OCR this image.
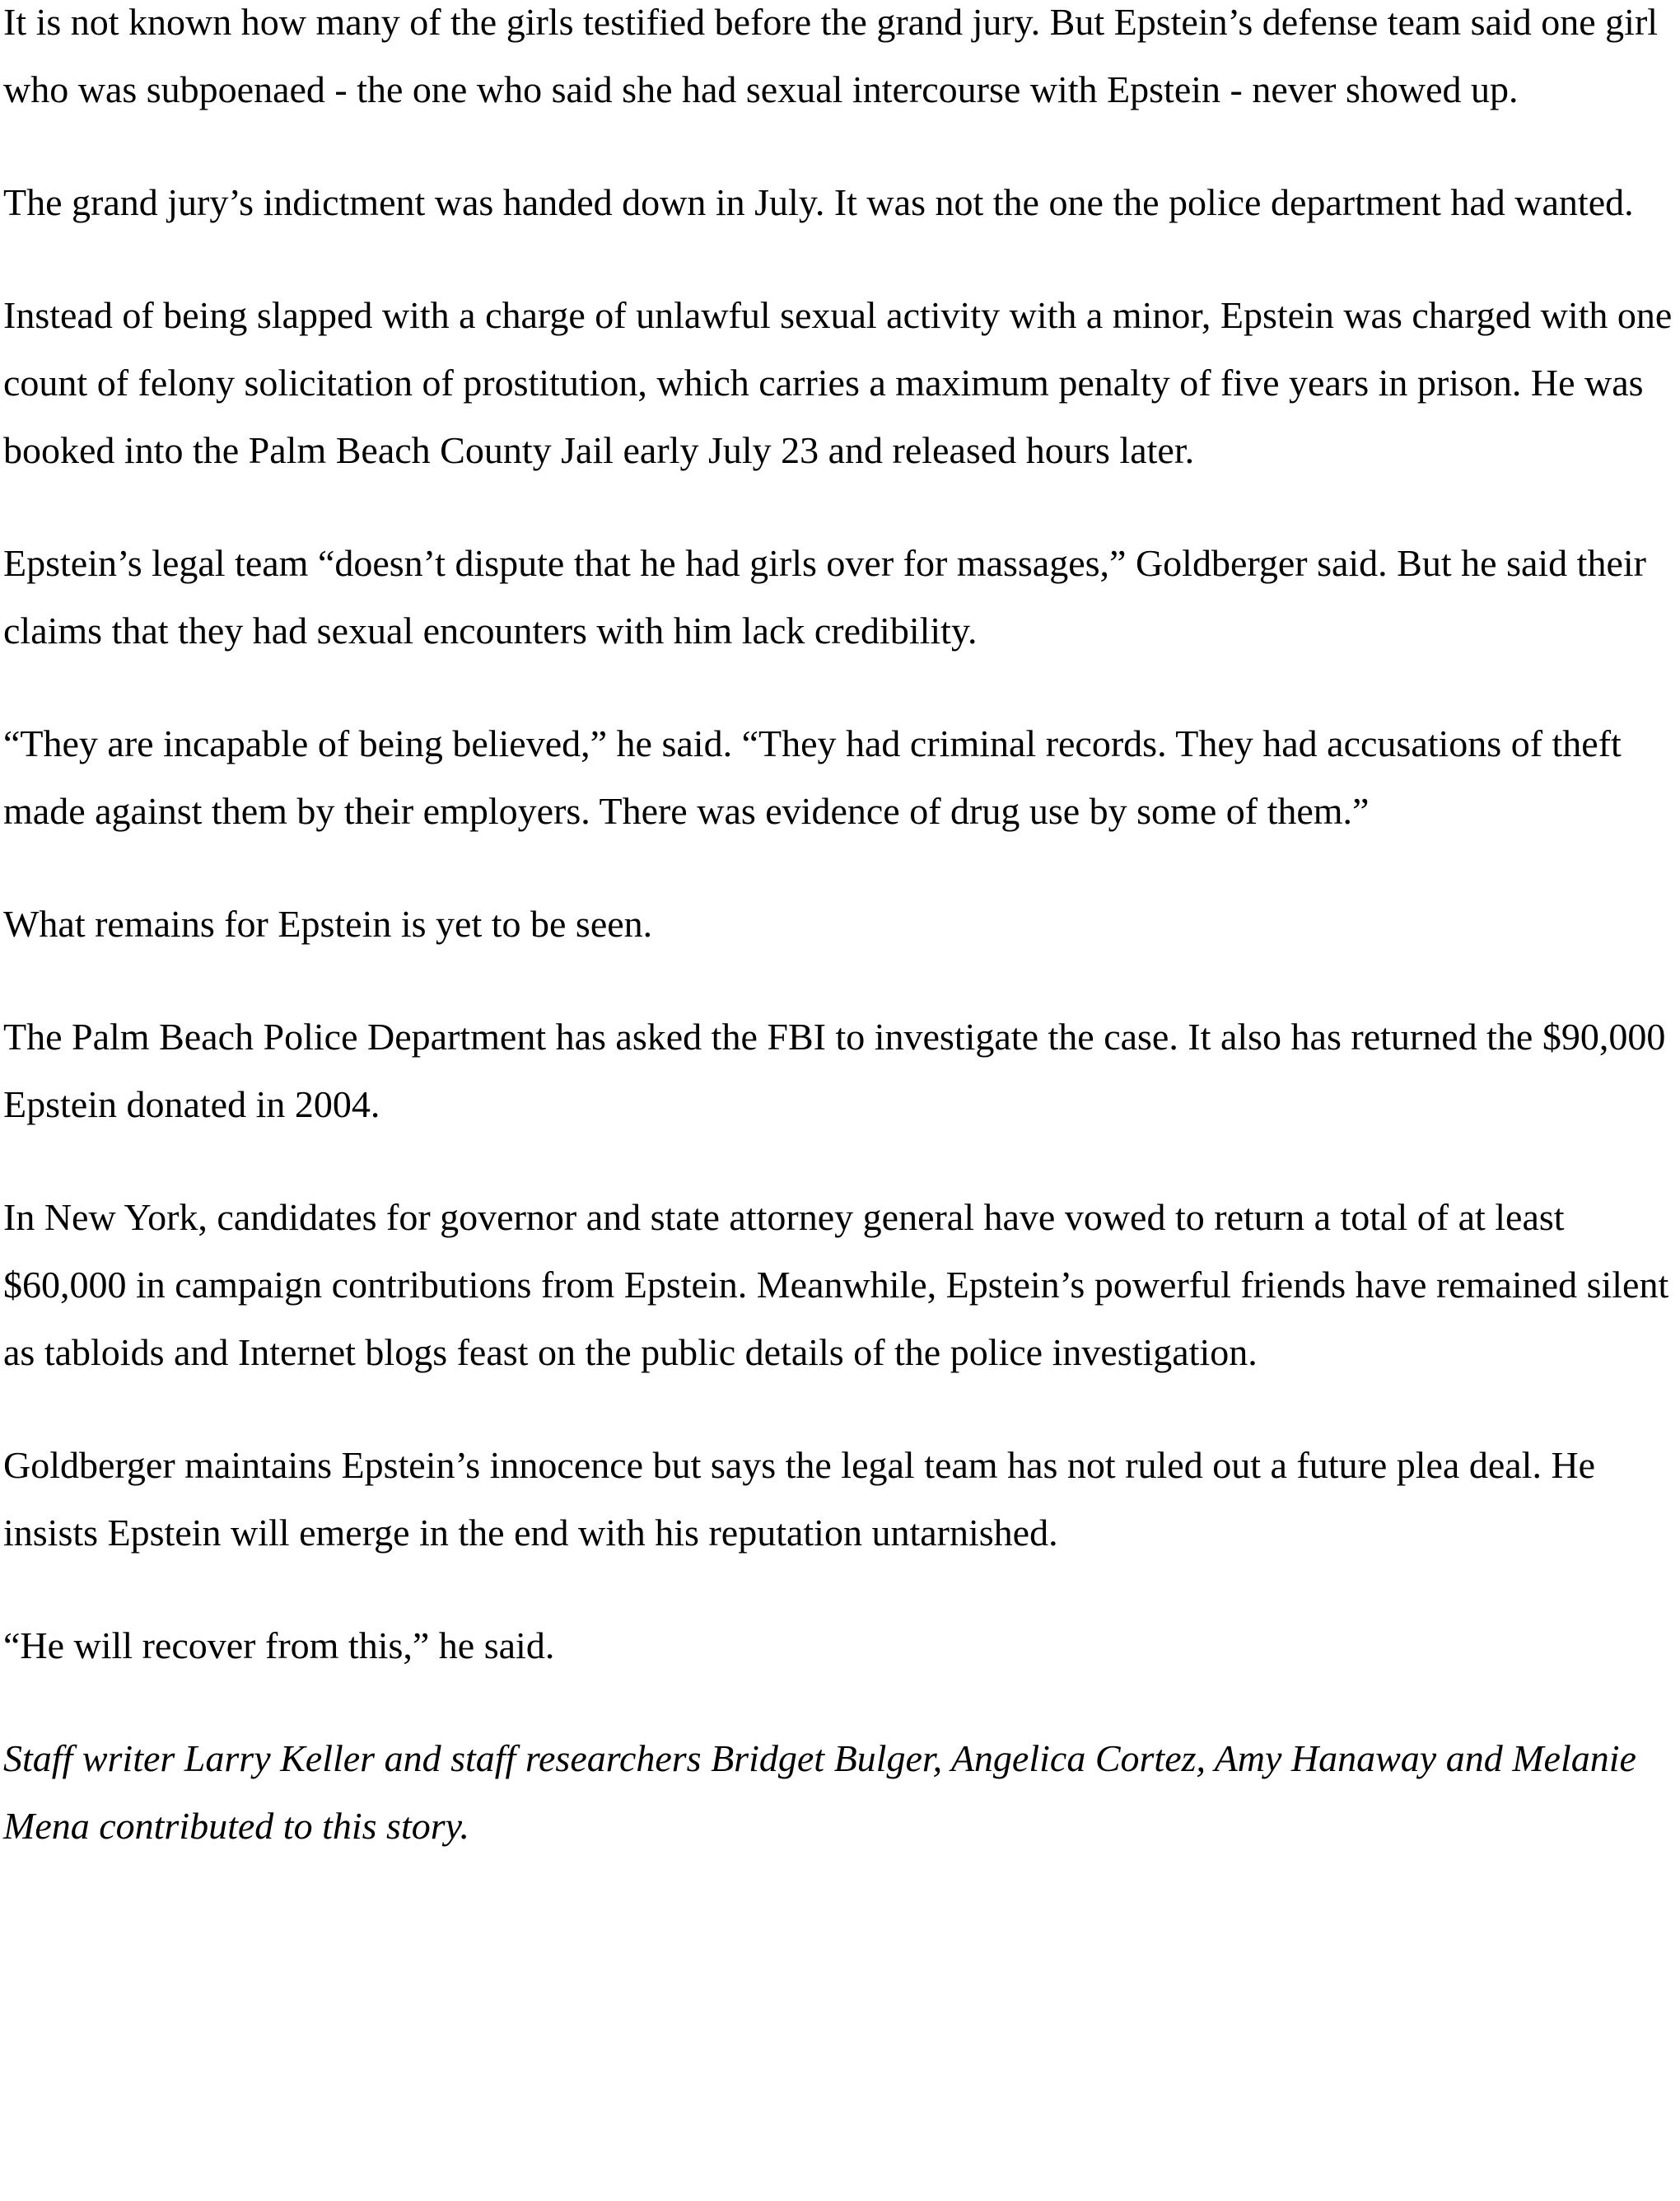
It is not known how many of the girls testified before the grand jury. But Epstein’s defense team said one girl who was subpoenaed - the one who said she had sexual intercourse with Epstein - never showed up.

The grand jury’s indictment was handed down in July. It was not the one the police department had wanted.

Instead of being slapped with a charge of unlawful sexual activity with a minor, Epstein was charged with one count of felony solicitation of prostitution, which carries a maximum penalty of five years in prison. He was booked into the Palm Beach County Jail early July 23 and released hours later.

Epstein’s legal team “doesn’t dispute that he had girls over for massages,” Goldberger said. But he said their claims that they had sexual encounters with him lack credibility.

“They are incapable of being believed,” he said. “They had criminal records. They had accusations of theft made against them by their employers. There was evidence of drug use by some of them.”

What remains for Epstein is yet to be seen.

The Palm Beach Police Department has asked the FBI to investigate the case. It also has returned the $90,000 Epstein donated in 2004.

In New York, candidates for governor and state attorney general have vowed to return a total of at least $60,000 in campaign contributions from Epstein. Meanwhile, Epstein’s powerful friends have remained silent as tabloids and Internet blogs feast on the public details of the police investigation.

Goldberger maintains Epstein’s innocence but says the legal team has not ruled out a future plea deal. He insists Epstein will emerge in the end with his reputation untarnished.

“He will recover from this,” he said.

Staff writer Larry Keller and staff researchers Bridget Bulger, Angelica Cortez, Amy Hanaway and Melanie Mena contributed to this story.
